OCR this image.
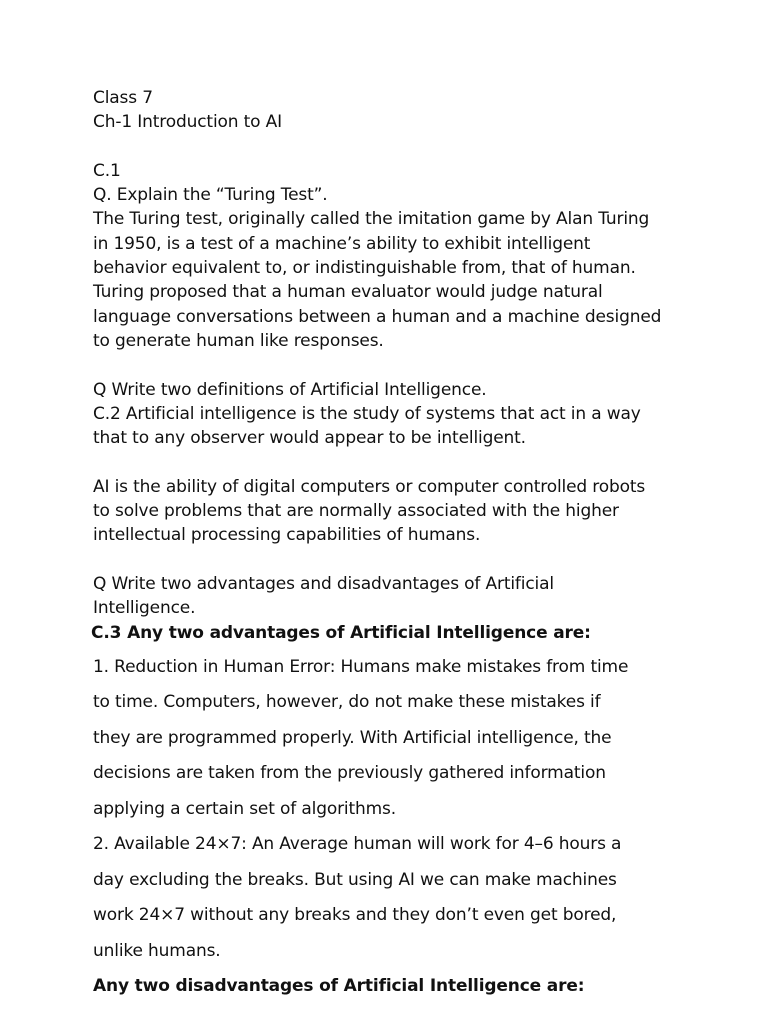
Class 7
Ch-1 Introduction to AI
C.1
Q. Explain the “Turing Test”.
The Turing test, originally called the imitation game by Alan Turing
in 1950, is a test of a machine’s ability to exhibit intelligent
behavior equivalent to, or indistinguishable from, that of human.
Turing proposed that a human evaluator would judge natural
language conversations between a human and a machine designed
to generate human like responses.
Q Write two definitions of Artificial Intelligence.
C.2 Artificial intelligence is the study of systems that act in a way
that to any observer would appear to be intelligent.
AI is the ability of digital computers or computer controlled robots
to solve problems that are normally associated with the higher
intellectual processing capabilities of humans.
Q Write two advantages and disadvantages of Artificial
Intelligence.
C.3 Any two advantages of Artificial Intelligence are:
1. Reduction in Human Error: Humans make mistakes from time
to time. Computers, however, do not make these mistakes if
they are programmed properly. With Artificial intelligence, the
decisions are taken from the previously gathered information
applying a certain set of algorithms.
2. Available 24×7: An Average human will work for 4–6 hours a
day excluding the breaks. But using AI we can make machines
work 24×7 without any breaks and they don’t even get bored,
unlike humans.
Any two disadvantages of Artificial Intelligence are:
